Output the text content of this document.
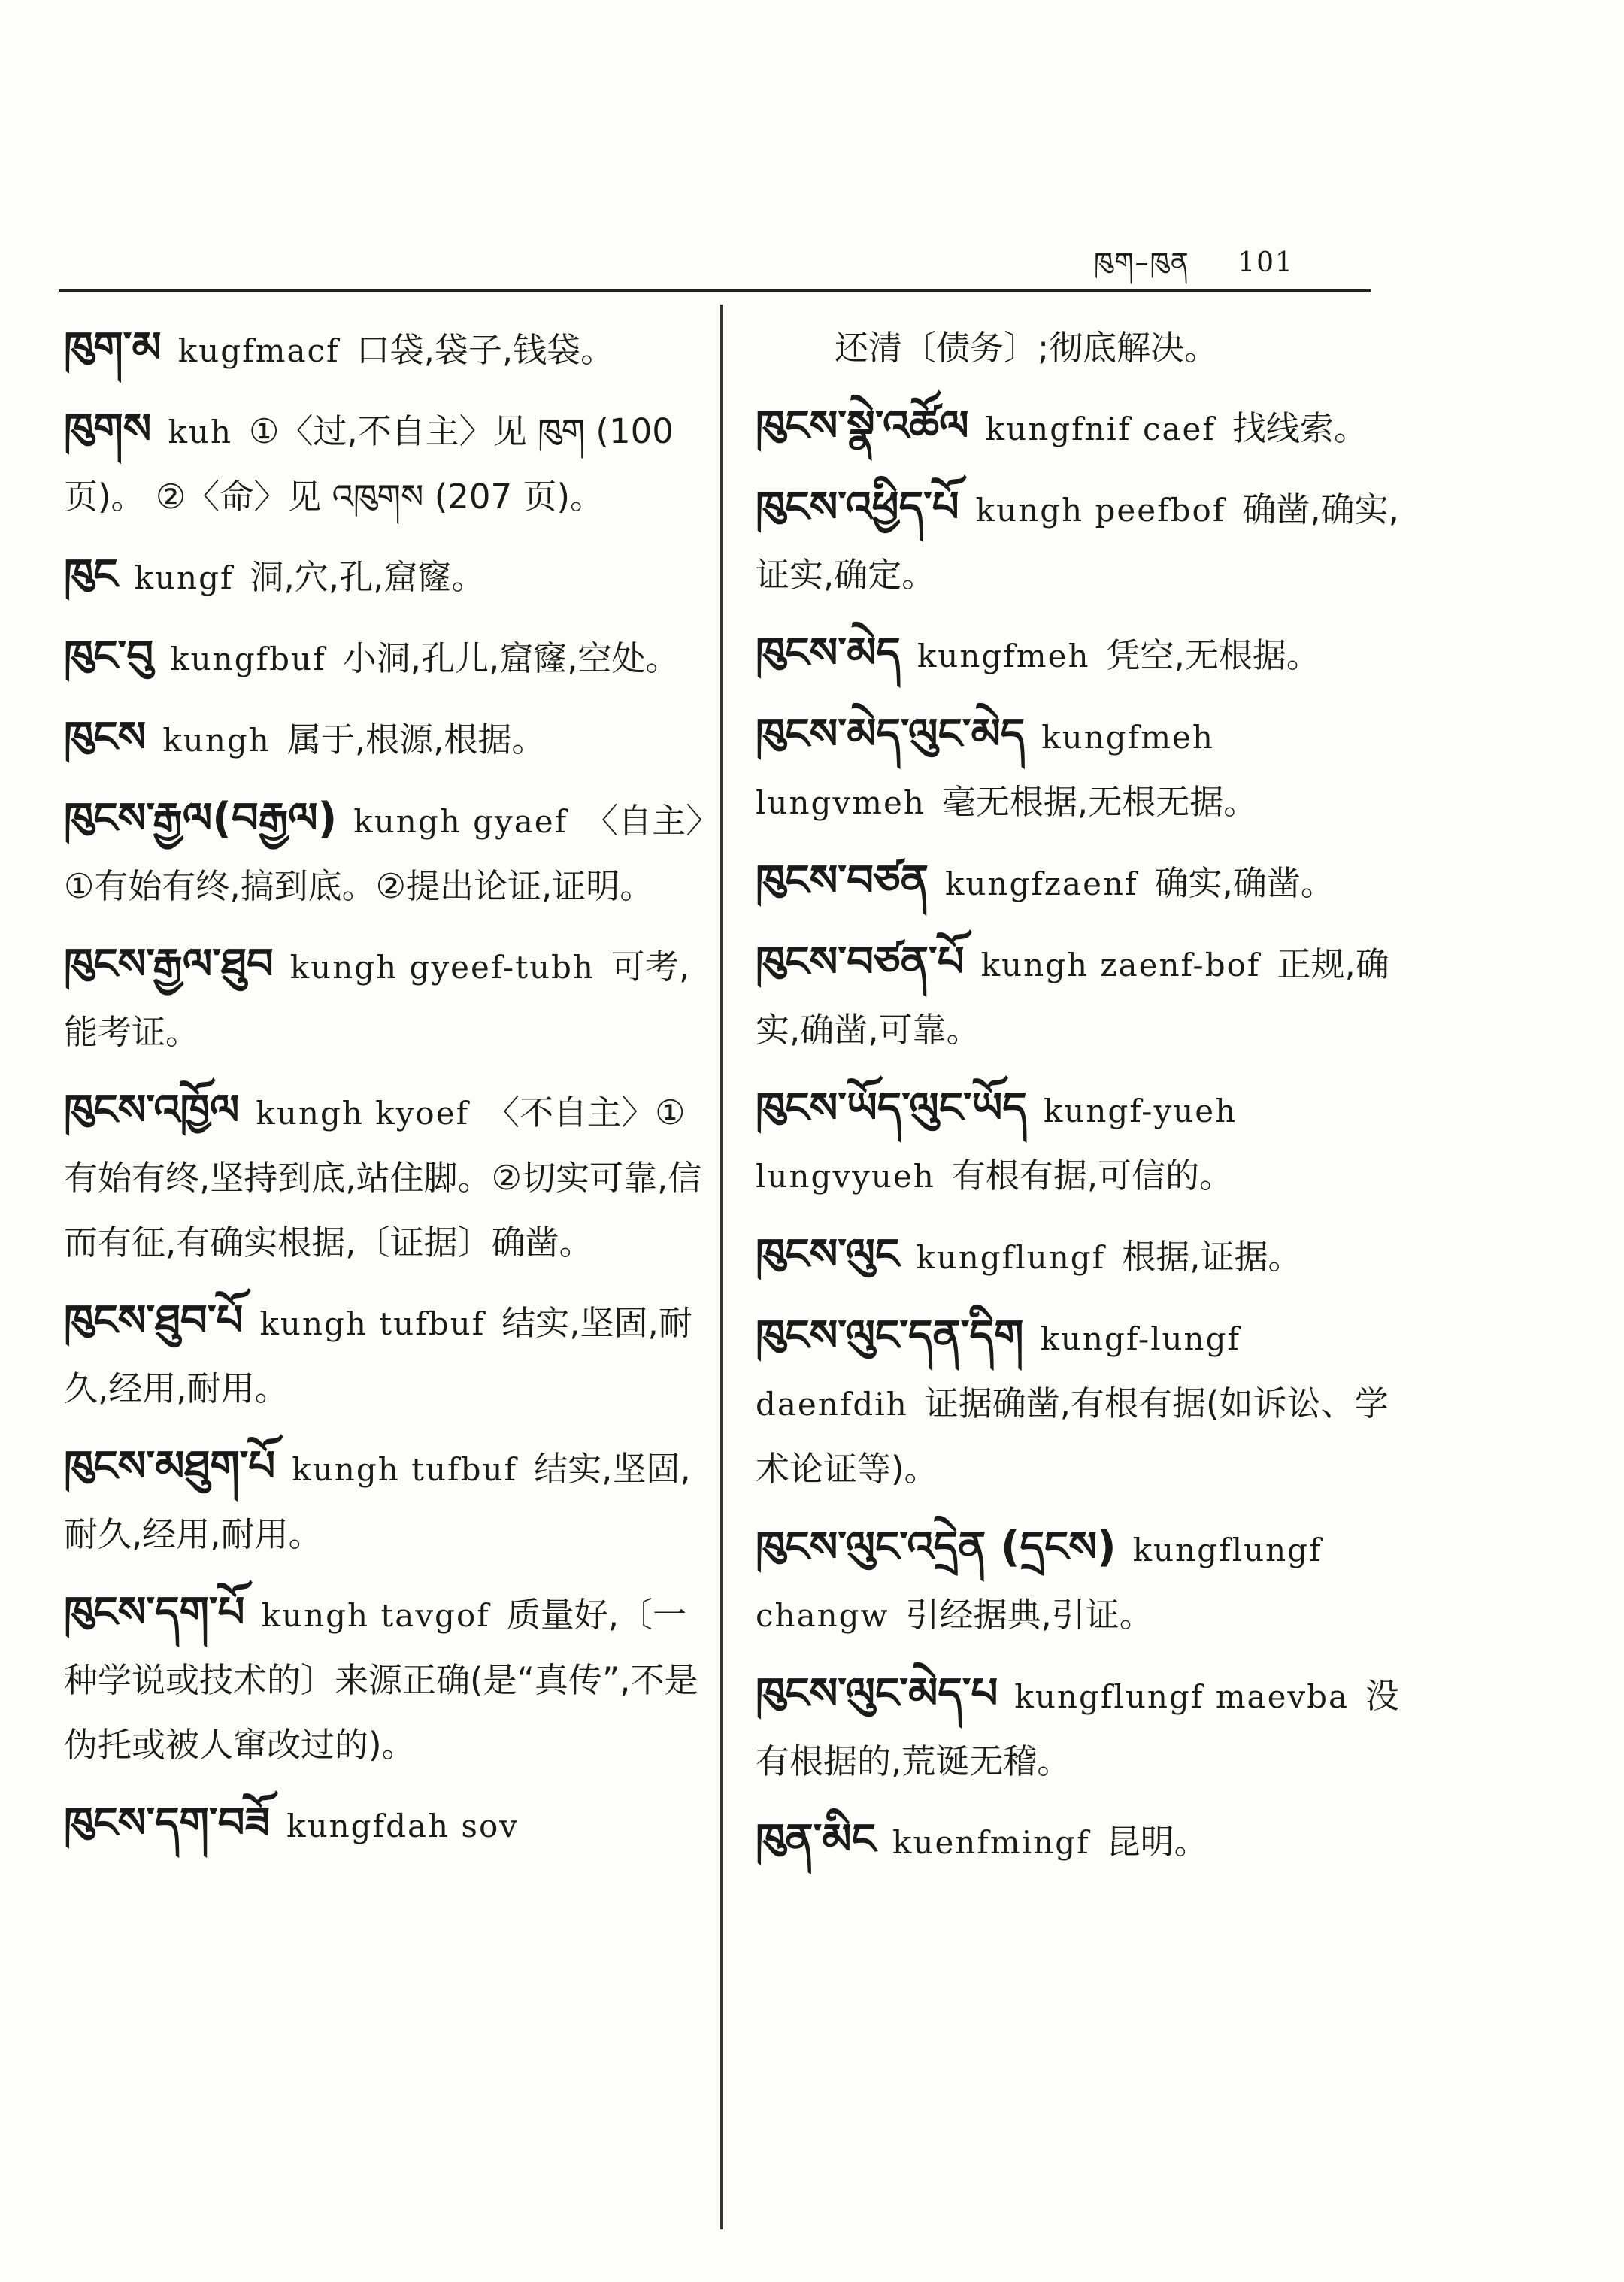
ཁུག–ཁུན 101
ཁུག་མ kugfmacf 口袋,袋子,钱袋。
ཁུགས kuh ①〈过,不自主〉见 ཁུག (100 页)。 ②〈命〉见 འཁུགས (207 页)。
ཁུང kungf 洞,穴,孔,窟窿。
ཁུང་བུ kungfbuf 小洞,孔儿,窟窿,空处。
ཁུངས kungh 属于,根源,根据。
ཁུངས་རྒྱལ(བརྒྱལ) kungh gyaef 〈自主〉①有始有终,搞到底。②提出论证,证明。
ཁུངས་རྒྱལ་ཐུབ kungh gyeef-tubh 可考,能考证。
ཁུངས་འཁྱོལ kungh kyoef 〈不自主〉①有始有终,坚持到底,站住脚。②切实可靠,信而有征,有确实根据,〔证据〕确凿。
ཁུངས་ཐུབ་པོ kungh tufbuf 结实,坚固,耐久,经用,耐用。
ཁུངས་མཐུག་པོ kungh tufbuf 结实,坚固,耐久,经用,耐用。
ཁུངས་དག་པོ kungh tavgof 质量好,〔一种学说或技术的〕来源正确(是“真传”,不是伪托或被人窜改过的)。
ཁུངས་དག་བཟོ kungfdah sov
还清〔债务〕;彻底解决。
ཁུངས་སྣེ་འཚོལ kungfnif caef 找线索。
ཁུངས་འཕྱིད་པོ kungh peefbof 确凿,确实,证实,确定。
ཁུངས་མེད kungfmeh 凭空,无根据。
ཁུངས་མེད་ལུང་མེད kungfmeh lungvmeh 毫无根据,无根无据。
ཁུངས་བཙན kungfzaenf 确实,确凿。
ཁུངས་བཙན་པོ kungh zaenf-bof 正规,确实,确凿,可靠。
ཁུངས་ཡོད་ལུང་ཡོད kungf-yueh lungvyueh 有根有据,可信的。
ཁུངས་ལུང kungflungf 根据,证据。
ཁུངས་ལུང་དན་དིག kungf-lungf daenfdih 证据确凿,有根有据(如诉讼、学术论证等)。
ཁུངས་ལུང་འདྲེན (དྲངས) kungflungf changw 引经据典,引证。
ཁུངས་ལུང་མེད་པ kungflungf maevba 没有根据的,荒诞无稽。
ཁུན་མིང kuenfmingf 昆明。
